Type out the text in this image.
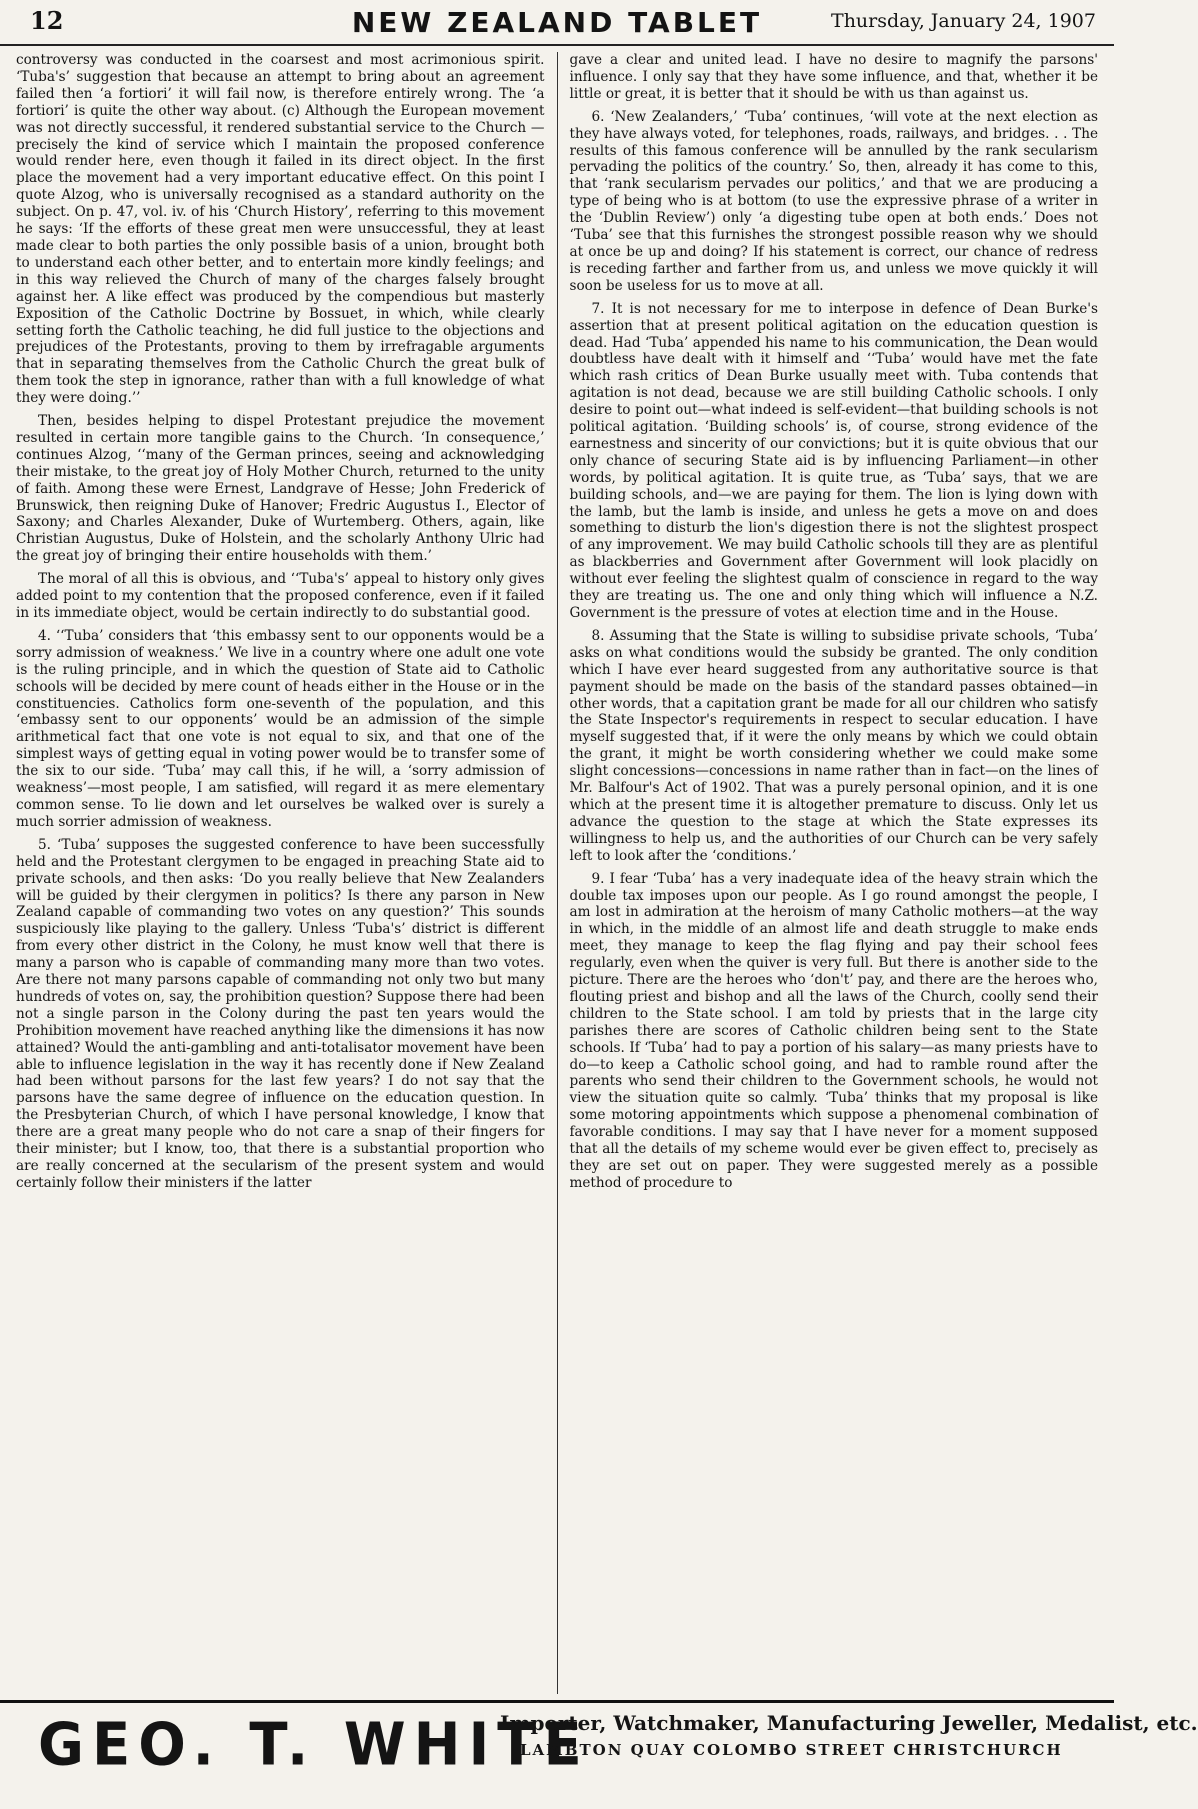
12	NEW ZEALAND TABLET	Thursday, January 24, 1907

controversy was conducted in the coarsest and most acrimonious spirit. ‘Tuba's’ suggestion that because an attempt to bring about an agreement failed then ‘a fortiori’ it will fail now, is therefore entirely wrong. The ‘a fortiori’ is quite the other way about. (c) Although the European movement was not directly successful, it rendered substantial service to the Church —precisely the kind of service which I maintain the proposed conference would render here, even though it failed in its direct object. In the first place the movement had a very important educative effect. On this point I quote Alzog, who is universally recognised as a standard authority on the subject. On p. 47, vol. iv. of his ‘Church History’, referring to this movement he says: ‘If the efforts of these great men were unsuccessful, they at least made clear to both parties the only possible basis of a union, brought both to understand each other better, and to entertain more kindly feelings; and in this way relieved the Church of many of the charges falsely brought against her. A like effect was produced by the compendious but masterly Exposition of the Catholic Doctrine by Bossuet, in which, while clearly setting forth the Catholic teaching, he did full justice to the objections and prejudices of the Protestants, proving to them by irrefragable arguments that in separating themselves from the Catholic Church the great bulk of them took the step in ignorance, rather than with a full knowledge of what they were doing.’’

Then, besides helping to dispel Protestant prejudice the movement resulted in certain more tangible gains to the Church. ‘In consequence,’ continues Alzog, ‘‘many of the German princes, seeing and acknowledging their mistake, to the great joy of Holy Mother Church, returned to the unity of faith. Among these were Ernest, Landgrave of Hesse; John Frederick of Brunswick, then reigning Duke of Hanover; Fredric Augustus I., Elector of Saxony; and Charles Alexander, Duke of Wurtemberg. Others, again, like Christian Augustus, Duke of Holstein, and the scholarly Anthony Ulric had the great joy of bringing their entire households with them.’

The moral of all this is obvious, and ‘‘Tuba's’ appeal to history only gives added point to my contention that the proposed conference, even if it failed in its immediate object, would be certain indirectly to do substantial good.

4. ‘‘Tuba’ considers that ‘this embassy sent to our opponents would be a sorry admission of weakness.’ We live in a country where one adult one vote is the ruling principle, and in which the question of State aid to Catholic schools will be decided by mere count of heads either in the House or in the constituencies. Catholics form one-seventh of the population, and this ‘embassy sent to our opponents’ would be an admission of the simple arithmetical fact that one vote is not equal to six, and that one of the simplest ways of getting equal in voting power would be to transfer some of the six to our side. ‘Tuba’ may call this, if he will, a ‘sorry admission of weakness’—most people, I am satisfied, will regard it as mere elementary common sense. To lie down and let ourselves be walked over is surely a much sorrier admission of weakness.

5. ‘Tuba’ supposes the suggested conference to have been successfully held and the Protestant clergymen to be engaged in preaching State aid to private schools, and then asks: ‘Do you really believe that New Zealanders will be guided by their clergymen in politics? Is there any parson in New Zealand capable of commanding two votes on any question?’ This sounds suspiciously like playing to the gallery. Unless ‘Tuba's’ district is different from every other district in the Colony, he must know well that there is many a parson who is capable of commanding many more than two votes. Are there not many parsons capable of commanding not only two but many hundreds of votes on, say, the prohibition question? Suppose there had been not a single parson in the Colony during the past ten years would the Prohibition movement have reached anything like the dimensions it has now attained? Would the anti-gambling and anti-totalisator movement have been able to influence legislation in the way it has recently done if New Zealand had been without parsons for the last few years? I do not say that the parsons have the same degree of influence on the education question. In the Presbyterian Church, of which I have personal knowledge, I know that there are a great many people who do not care a snap of their fingers for their minister; but I know, too, that there is a substantial proportion who are really concerned at the secularism of the present system and would certainly follow their ministers if the latter

gave a clear and united lead. I have no desire to magnify the parsons' influence. I only say that they have some influence, and that, whether it be little or great, it is better that it should be with us than against us.

6. ‘New Zealanders,’ ‘Tuba’ continues, ‘will vote at the next election as they have always voted, for telephones, roads, railways, and bridges. . . The results of this famous conference will be annulled by the rank secularism pervading the politics of the country.’ So, then, already it has come to this, that ‘rank secularism pervades our politics,’ and that we are producing a type of being who is at bottom (to use the expressive phrase of a writer in the ‘Dublin Review’) only ‘a digesting tube open at both ends.’ Does not ‘Tuba’ see that this furnishes the strongest possible reason why we should at once be up and doing? If his statement is correct, our chance of redress is receding farther and farther from us, and unless we move quickly it will soon be useless for us to move at all.

7. It is not necessary for me to interpose in defence of Dean Burke's assertion that at present political agitation on the education question is dead. Had ‘Tuba’ appended his name to his communication, the Dean would doubtless have dealt with it himself and ‘‘Tuba’ would have met the fate which rash critics of Dean Burke usually meet with. Tuba contends that agitation is not dead, because we are still building Catholic schools. I only desire to point out—what indeed is self-evident—that building schools is not political agitation. ‘Building schools’ is, of course, strong evidence of the earnestness and sincerity of our convictions; but it is quite obvious that our only chance of securing State aid is by influencing Parliament—in other words, by political agitation. It is quite true, as ‘Tuba’ says, that we are building schools, and—we are paying for them. The lion is lying down with the lamb, but the lamb is inside, and unless he gets a move on and does something to disturb the lion's digestion there is not the slightest prospect of any improvement. We may build Catholic schools till they are as plentiful as blackberries and Government after Government will look placidly on without ever feeling the slightest qualm of conscience in regard to the way they are treating us. The one and only thing which will influence a N.Z. Government is the pressure of votes at election time and in the House.

8. Assuming that the State is willing to subsidise private schools, ‘Tuba’ asks on what conditions would the subsidy be granted. The only condition which I have ever heard suggested from any authoritative source is that payment should be made on the basis of the standard passes obtained—in other words, that a capitation grant be made for all our children who satisfy the State Inspector's requirements in respect to secular education. I have myself suggested that, if it were the only means by which we could obtain the grant, it might be worth considering whether we could make some slight concessions—concessions in name rather than in fact—on the lines of Mr. Balfour's Act of 1902. That was a purely personal opinion, and it is one which at the present time it is altogether premature to discuss. Only let us advance the question to the stage at which the State expresses its willingness to help us, and the authorities of our Church can be very safely left to look after the ‘conditions.’

9. I fear ‘Tuba’ has a very inadequate idea of the heavy strain which the double tax imposes upon our people. As I go round amongst the people, I am lost in admiration at the heroism of many Catholic mothers—at the way in which, in the middle of an almost life and death struggle to make ends meet, they manage to keep the flag flying and pay their school fees regularly, even when the quiver is very full. But there is another side to the picture. There are the heroes who ‘don't’ pay, and there are the heroes who, flouting priest and bishop and all the laws of the Church, coolly send their children to the State school. I am told by priests that in the large city parishes there are scores of Catholic children being sent to the State schools. If ‘Tuba’ had to pay a portion of his salary—as many priests have to do—to keep a Catholic school going, and had to ramble round after the parents who send their children to the Government schools, he would not view the situation quite so calmly. ‘Tuba’ thinks that my proposal is like some motoring appointments which suppose a phenomenal combination of favorable conditions. I may say that I have never for a moment supposed that all the details of my scheme would ever be given effect to, precisely as they are set out on paper. They were suggested merely as a possible method of procedure to

GEO. T. WHITE
Importer, Watchmaker, Manufacturing Jeweller, Medalist, etc.
LAMBTON QUAY COLOMBO STREET CHRISTCHURCH
